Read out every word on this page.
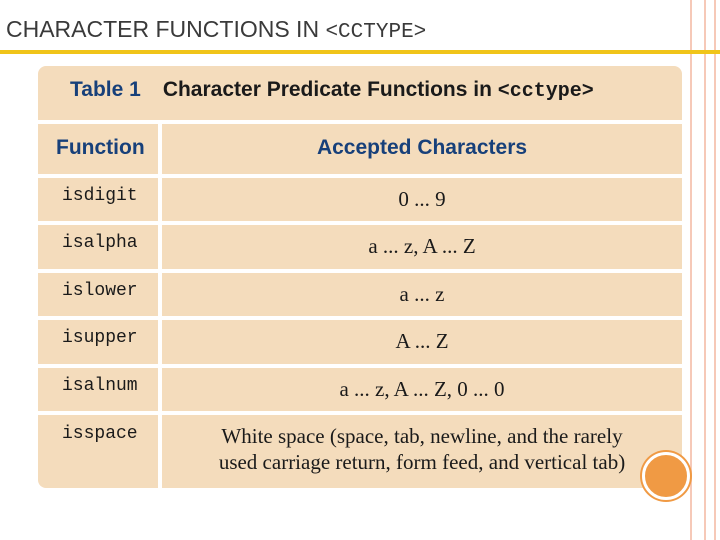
CHARACTER FUNCTIONS IN <CCTYPE>
Table 1 Character Predicate Functions in <cctype>
Function	Accepted Characters
isdigit	0 ... 9
isalpha	a ... z, A ... Z
islower	a ... z
isupper	A ... Z
isalnum	a ... z, A ... Z, 0 ... 0
isspace	White space (space, tab, newline, and the rarely
used carriage return, form feed, and vertical tab)
